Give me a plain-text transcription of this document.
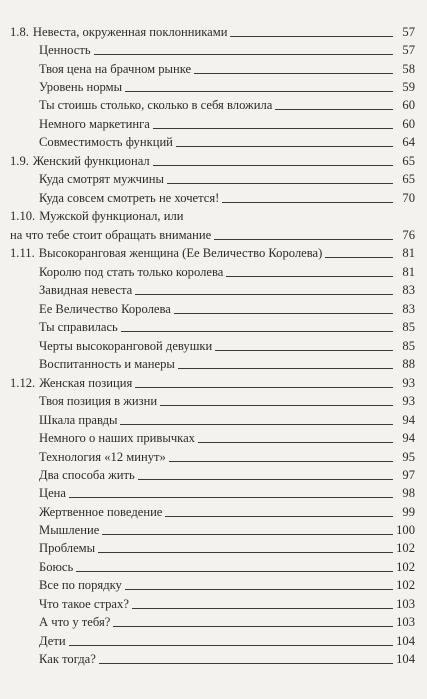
1.8. Невеста, окруженная поклонниками	57
Ценность	57
Твоя цена на брачном рынке	58
Уровень нормы	59
Ты стоишь столько, сколько в себя вложила	60
Немного маркетинга	60
Совместимость функций	64
1.9. Женский функционал	65
Куда смотрят мужчины	65
Куда совсем смотреть не хочется!	70
1.10. Мужской функционал, или
на что тебе стоит обращать внимание	76
1.11. Высокоранговая женщина (Ее Величество Королева)	81
Королю под стать только королева	81
Завидная невеста	83
Ее Величество Королева	83
Ты справилась	85
Черты высокоранговой девушки	85
Воспитанность и манеры	88
1.12. Женская позиция	93
Твоя позиция в жизни	93
Шкала правды	94
Немного о наших привычках	94
Технология «12 минут»	95
Два способа жить	97
Цена	98
Жертвенное поведение	99
Мышление	100
Проблемы	102
Боюсь	102
Все по порядку	102
Что такое страх?	103
А что у тебя?	103
Дети	104
Как тогда?	104
